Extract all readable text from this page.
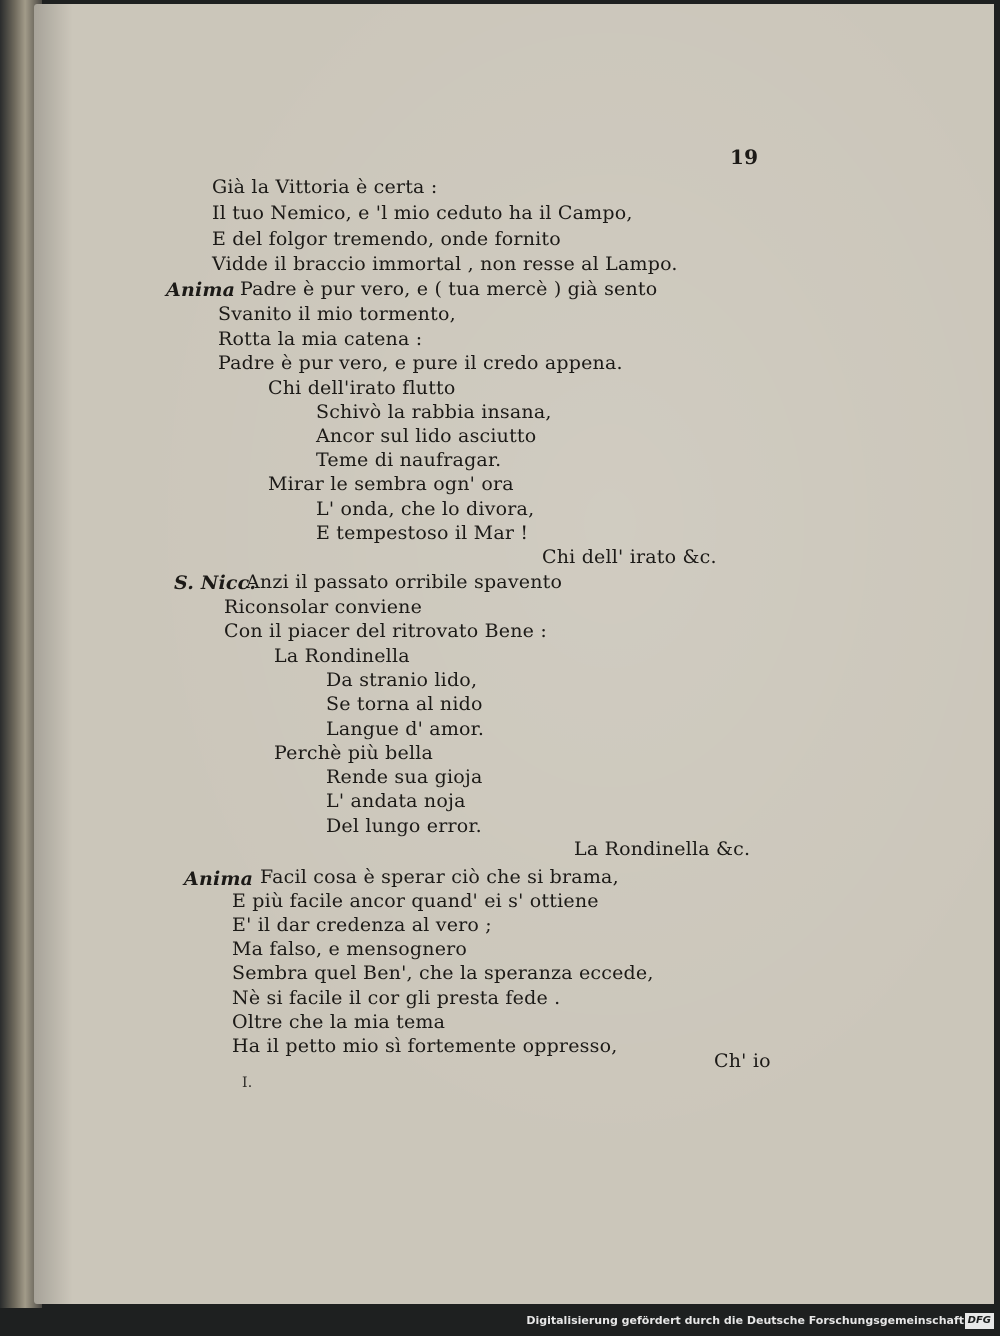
19
Già la Vittoria è certa :
Il tuo Nemico, e 'l mio ceduto ha il Campo,
E del folgor tremendo, onde fornito
Vidde il braccio immortal , non resse al Lampo.
Anima Padre è pur vero, e ( tua mercè ) già sento
Svanito il mio tormento,
Rotta la mia catena :
Padre è pur vero, e pure il credo appena.
Chi dell'irato flutto
Schivò la rabbia insana,
Ancor sul lido asciutto
Teme di naufragar.
Mirar le sembra ogn' ora
L' onda, che lo divora,
E tempestoso il Mar !
Chi dell' irato &c.
S. Nicc.
Anzi il passato orribile spavento
Riconsolar conviene
Con il piacer del ritrovato Bene :
La Rondinella
Da stranio lido,
Se torna al nido
Langue d' amor.
Perchè più bella
Rende sua gioja
L' andata noja
Del lungo error.
La Rondinella &c.
Anima Facil cosa è sperar ciò che si brama,
E più facile ancor quand' ei s' ottiene
E' il dar credenza al vero ;
Ma falso, e mensognero
Sembra quel Ben', che la speranza eccede,
Nè si facile il cor gli presta fede .
Oltre che la mia tema
Ha il petto mio sì fortemente oppresso,
Ch' io
I.
Digitalisierung gefördert durch die Deutsche Forschungsgemeinschaft DFG
